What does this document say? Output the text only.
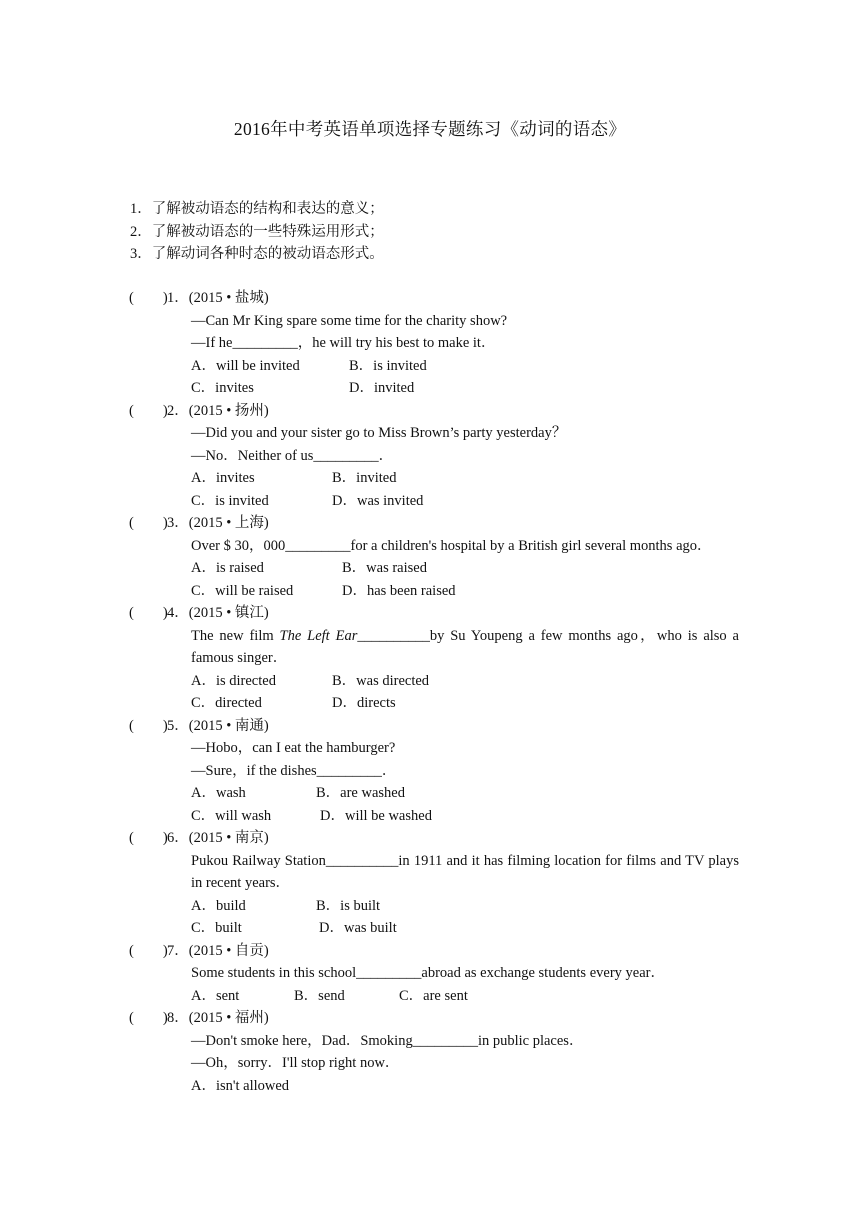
2016年中考英语单项选择专题练习《动词的语态》
1．了解被动语态的结构和表达的意义；
2．了解被动语态的一些特殊运用形式；
3．了解动词各种时态的被动语态形式。
(　　) 1．(2015 • 盐城)
—Can Mr King spare some time for the charity show?
—If he_________，he will try his best to make it．
A．will be invited	B．is invited
C．invites	D．invited
(　　) 2．(2015 • 扬州)
—Did you and your sister go to Miss Brown’s party yesterday？
—No．Neither of us_________．
A．invites	B．invited
C．is invited	D．was invited
(　　) 3．(2015 • 上海)
Over $ 30，000_________for a children's hospital by a British girl several months ago．
A．is raised	B．was raised
C．will be raised	D．has been raised
(　　) 4．(2015 • 镇江)
The new film The Left Ear__________by Su Youpeng a few months ago，who is also a famous singer．
A．is directed	B．was directed
C．directed	D．directs
(　　) 5．(2015 • 南通)
—Hobo，can I eat the hamburger?
—Sure，if the dishes_________．
A．wash	B．are washed
C．will wash	D．will be washed
(　　) 6．(2015 • 南京)
Pukou Railway Station__________in 1911 and it has filming location for films and TV plays in recent years．
A．build	B．is built
C．built	D．was built
(　　) 7．(2015 • 自贡)
Some students in this school_________abroad as exchange students every year．
A．sent	B．send	C．are sent
(　　) 8．(2015 • 福州)
—Don't smoke here，Dad．Smoking_________in public places．
—Oh，sorry．I'll stop right now．
A．isn't allowed
